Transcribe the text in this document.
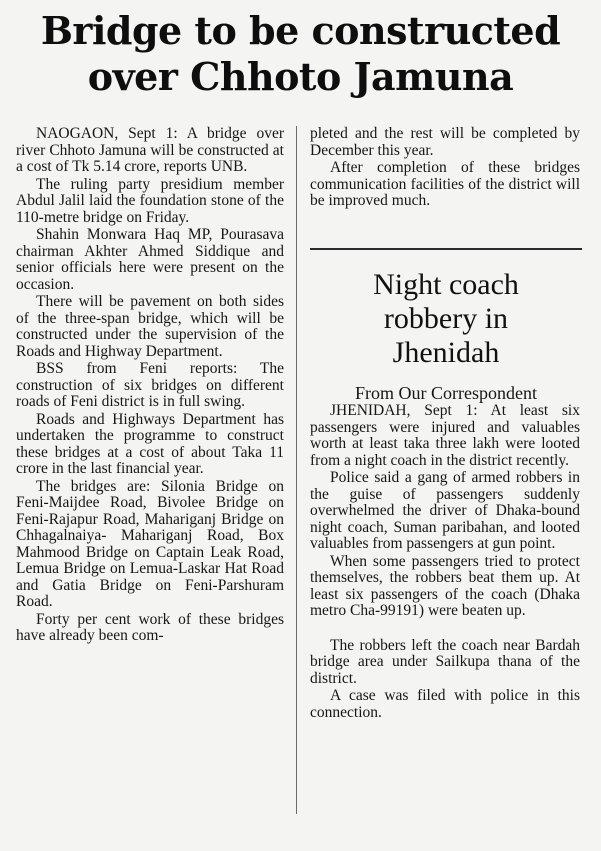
Bridge to be constructed
over Chhoto Jamuna

NAOGAON, Sept 1: A bridge over river Chhoto Jamuna will be constructed at a cost of Tk 5.14 crore, reports UNB.

The ruling party presidium member Abdul Jalil laid the foundation stone of the 110-metre bridge on Friday.

Shahin Monwara Haq MP, Pourasava chairman Akhter Ahmed Siddique and senior officials here were present on the occasion.

There will be pavement on both sides of the three-span bridge, which will be constructed under the supervision of the Roads and Highway Department.

BSS from Feni reports: The construction of six bridges on different roads of Feni district is in full swing.

Roads and Highways Department has undertaken the programme to construct these bridges at a cost of about Taka 11 crore in the last financial year.

The bridges are: Silonia Bridge on Feni-Maijdee Road, Bivolee Bridge on Feni-Rajapur Road, Mahariganj Bridge on Chhagalnaiya- Mahariganj Road, Box Mahmood Bridge on Captain Leak Road, Lemua Bridge on Lemua-Laskar Hat Road and Gatia Bridge on Feni-Parshuram Road.

Forty per cent work of these bridges have already been com-

pleted and the rest will be completed by December this year.

After completion of these bridges communication facilities of the district will be improved much.

Night coach
robbery in
Jhenidah
From Our Correspondent

JHENIDAH, Sept 1: At least six passengers were injured and valuables worth at least taka three lakh were looted from a night coach in the district recently.

Police said a gang of armed robbers in the guise of passengers suddenly overwhelmed the driver of Dhaka-bound night coach, Suman paribahan, and looted valuables from passengers at gun point.

When some passengers tried to protect themselves, the robbers beat them up. At least six passengers of the coach (Dhaka metro Cha-99191) were beaten up.

The robbers left the coach near Bardah bridge area under Sailkupa thana of the district.

A case was filed with police in this connection.
